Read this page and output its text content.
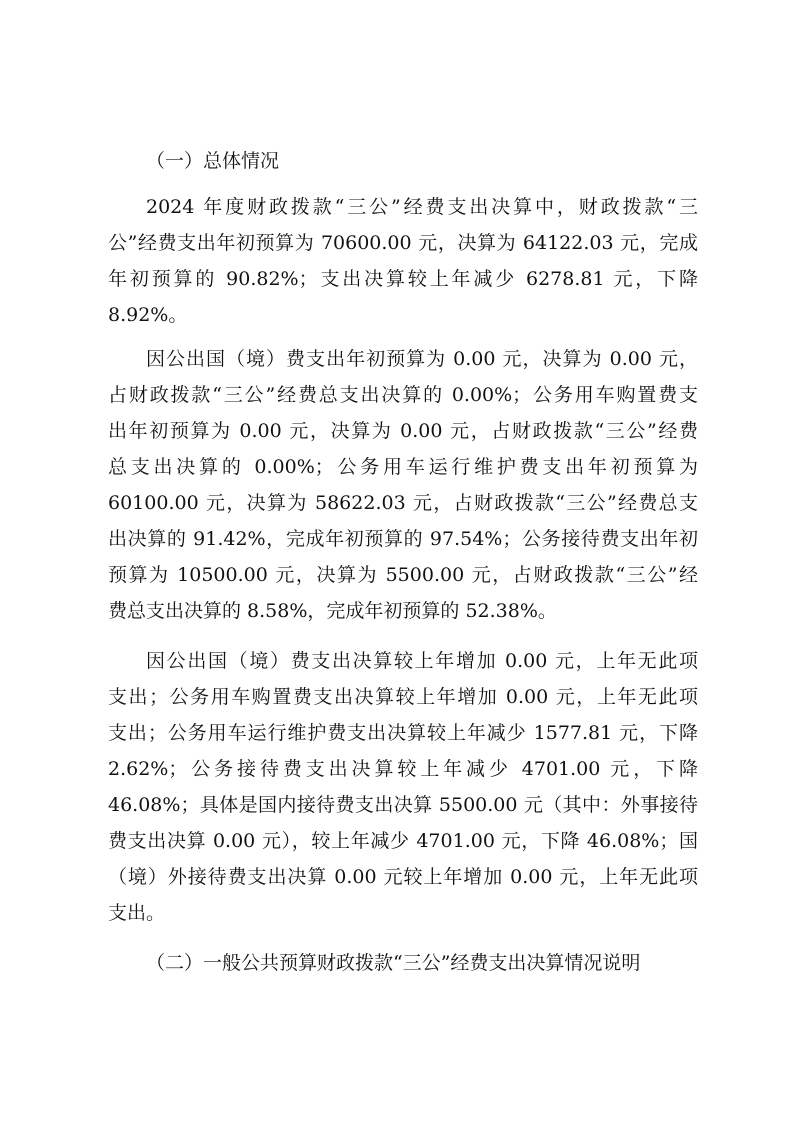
（一）总体情况
2024 年度财政拨款“三公”经费支出决算中，财政拨款“三
公”经费支出年初预算为 70600.00 元，决算为 64122.03 元，完成
年初预算的 90.82%；支出决算较上年减少 6278.81 元，下降
8.92%。
因公出国（境）费支出年初预算为 0.00 元，决算为 0.00 元，
占财政拨款“三公”经费总支出决算的 0.00%；公务用车购置费支
出年初预算为 0.00 元，决算为 0.00 元，占财政拨款“三公”经费
总支出决算的 0.00%；公务用车运行维护费支出年初预算为
60100.00 元，决算为 58622.03 元，占财政拨款“三公”经费总支
出决算的 91.42%，完成年初预算的 97.54%；公务接待费支出年初
预算为 10500.00 元，决算为 5500.00 元，占财政拨款“三公”经
费总支出决算的 8.58%，完成年初预算的 52.38%。
因公出国（境）费支出决算较上年增加 0.00 元，上年无此项
支出；公务用车购置费支出决算较上年增加 0.00 元，上年无此项
支出；公务用车运行维护费支出决算较上年减少 1577.81 元，下降
2.62%；公务接待费支出决算较上年减少 4701.00 元，下降
46.08%；具体是国内接待费支出决算 5500.00 元（其中：外事接待
费支出决算 0.00 元），较上年减少 4701.00 元，下降 46.08%；国
（境）外接待费支出决算 0.00 元较上年增加 0.00 元，上年无此项
支出。
（二）一般公共预算财政拨款“三公”经费支出决算情况说明
